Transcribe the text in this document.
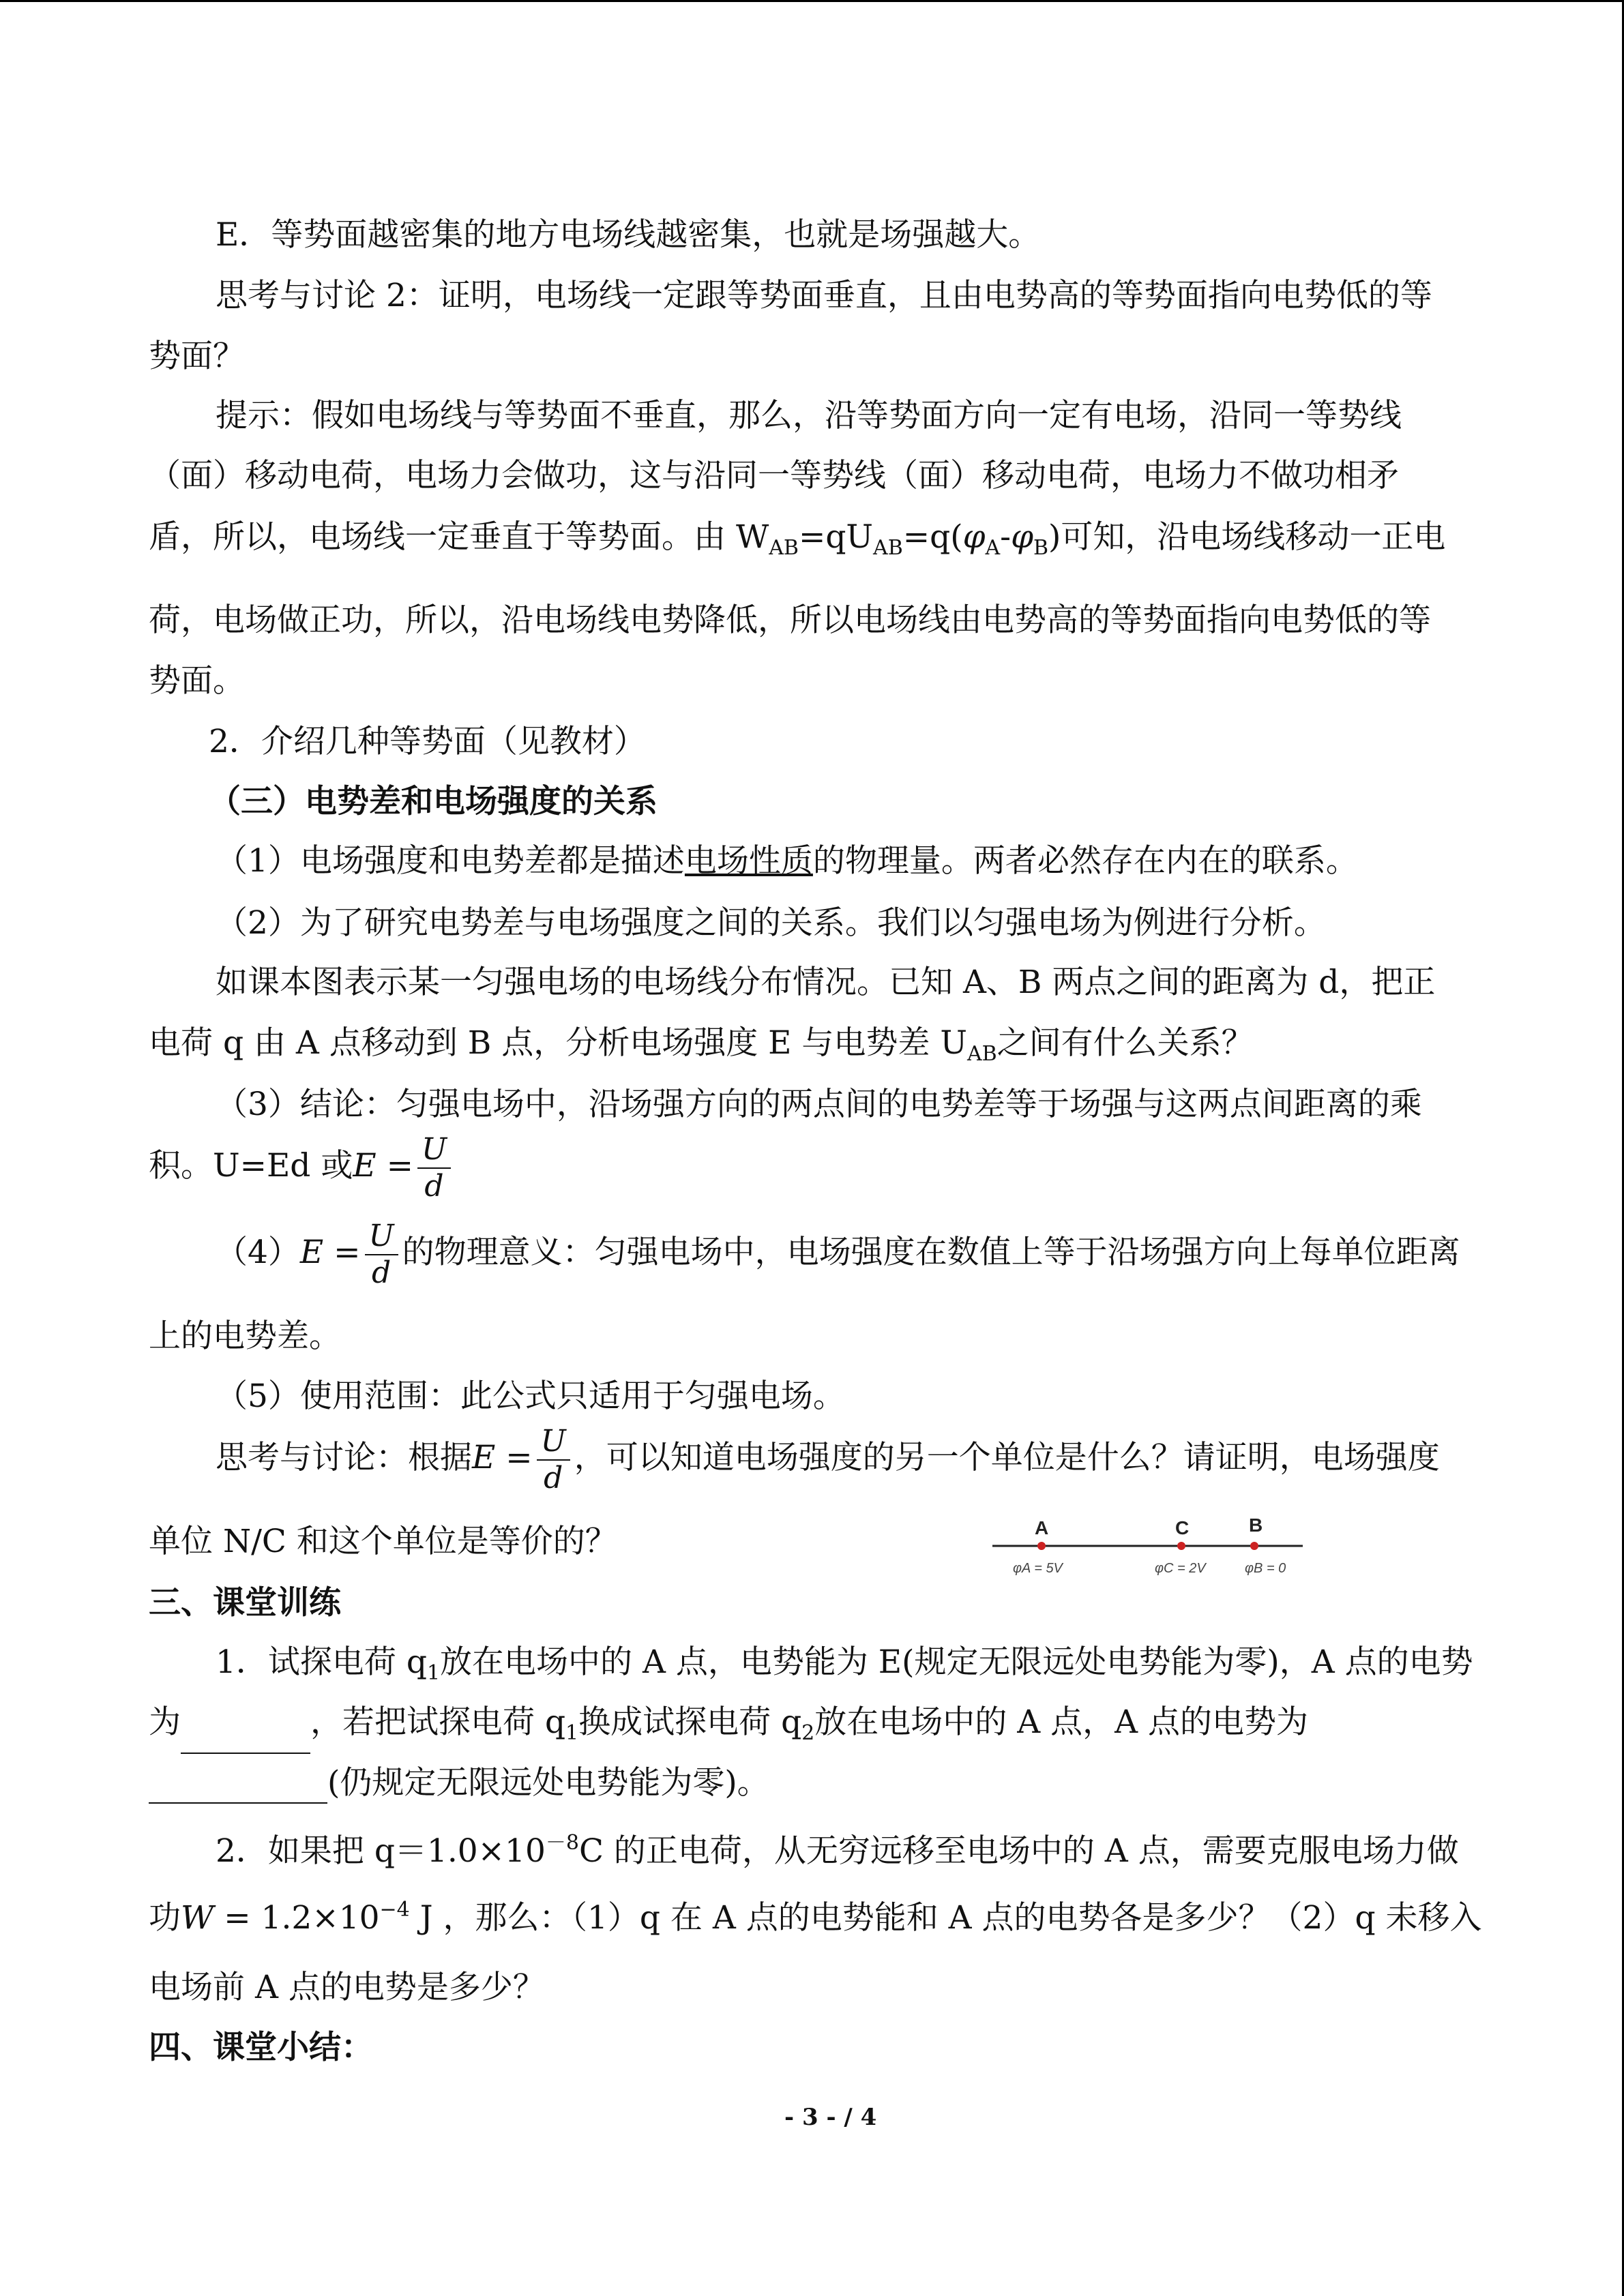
E．等势面越密集的地方电场线越密集，也就是场强越大。
思考与讨论 2：证明，电场线一定跟等势面垂直，且由电势高的等势面指向电势低的等
势面？
提示：假如电场线与等势面不垂直，那么，沿等势面方向一定有电场，沿同一等势线
（面）移动电荷，电场力会做功，这与沿同一等势线（面）移动电荷，电场力不做功相矛
盾，所以，电场线一定垂直于等势面。由 $W_{AB}=qU_{AB}=q(\varphi_A-\varphi_B)$可知，沿电场线移动一正电
荷，电场做正功，所以，沿电场线电势降低，所以电场线由电势高的等势面指向电势低的等
势面。
2．介绍几种等势面（见教材）
（三）电势差和电场强度的关系
（1）电场强度和电势差都是描述电场性质的物理量。两者必然存在内在的联系。
（2）为了研究电势差与电场强度之间的关系。我们以匀强电场为例进行分析。
如课本图表示某一匀强电场的电场线分布情况。已知 A、B 两点之间的距离为 d，把正
电荷 q 由 A 点移动到 B 点，分析电场强度 E 与电势差 $U_{AB}$之间有什么关系？
（3）结论：匀强电场中，沿场强方向的两点间的电势差等于场强与这两点间距离的乘
积。U=Ed 或$E = \frac{U}{d}$
$(4)E = \frac{U}{d}$ 的物理意义：匀强电场中，电场强度在数值上等于沿场强方向上每单位距离
上的电势差。
（5）使用范围：此公式只适用于匀强电场。
思考与讨论：根据$E = \frac{U}{d}$ ，可以知道电场强度的另一个单位是什么？请证明，电场强度
单位 N/C 和这个单位是等价的？	A	C	B
φA = 5V	φC = 2V	φB = 0
三、课堂训练
1．试探电荷 $q_1$放在电场中的 A 点，电势能为 E(规定无限远处电势能为零)，A 点的电势
为	，若把试探电荷 $q_1$换成试探电荷 $q_2$放在电场中的 A 点，A 点的电势为
(仍规定无限远处电势能为零)。
2．如果把 $q=1.0\times 10^{-8}C$ 的正电荷，从无穷远移至电场中的 A 点，需要克服电场力做
功$W = 1.2\times 10^{-4}$ J ，那么：（1）q 在 A 点的电势能和 A 点的电势各是多少？（2）q 未移入
电场前 A 点的电势是多少？
四、课堂小结：
- 3 - / 4
